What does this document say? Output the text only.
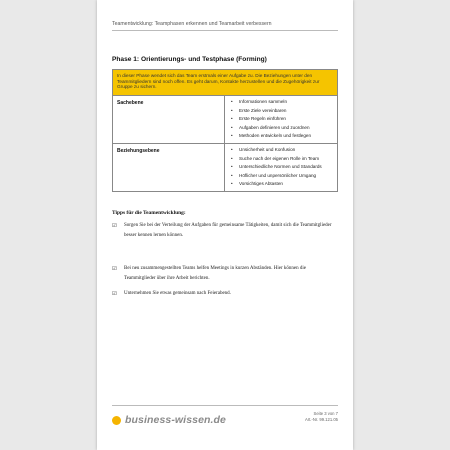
Teamentwicklung: Teamphasen erkennen und Teamarbeit verbessern
Phase 1: Orientierungs- und Testphase (Forming)
In dieser Phase wendet sich das Team erstmals einer Aufgabe zu. Die Beziehungen unter den Teammitgliedern sind noch offen. Es geht darum, Kontakte herzustellen und die Zugehörigkeit zur Gruppe zu sichern.
Sachebene	•	Informationen sammeln
•	Erste Ziele vereinbaren
•	Erste Regeln einführen
•	Aufgaben definieren und zuordnen
•	Methoden entwickeln und festlegen
Beziehungsebene	•	Unsicherheit und Konfusion
•	Suche nach der eigenen Rolle im Team
•	Unterschiedliche Normen und Standards
•	Höflicher und unpersönlicher Umgang
•	Vorsichtiges Abtasten
Tipps für die Teamentwicklung:
☑	Sorgen Sie bei der Verteilung der Aufgaben für gemeinsame Tätigkeiten, damit sich die Teammitglieder besser kennen lernen können.
☑	Bei neu zusammengestellten Teams helfen Meetings in kurzen Abständen. Hier können die Teammitglieder über ihre Arbeit berichten.
☑	Unternehmen Sie etwas gemeinsam nach Feierabend.
business-wissen.de
Seite 3 von 7
Art.-Nr. 99.121.05
